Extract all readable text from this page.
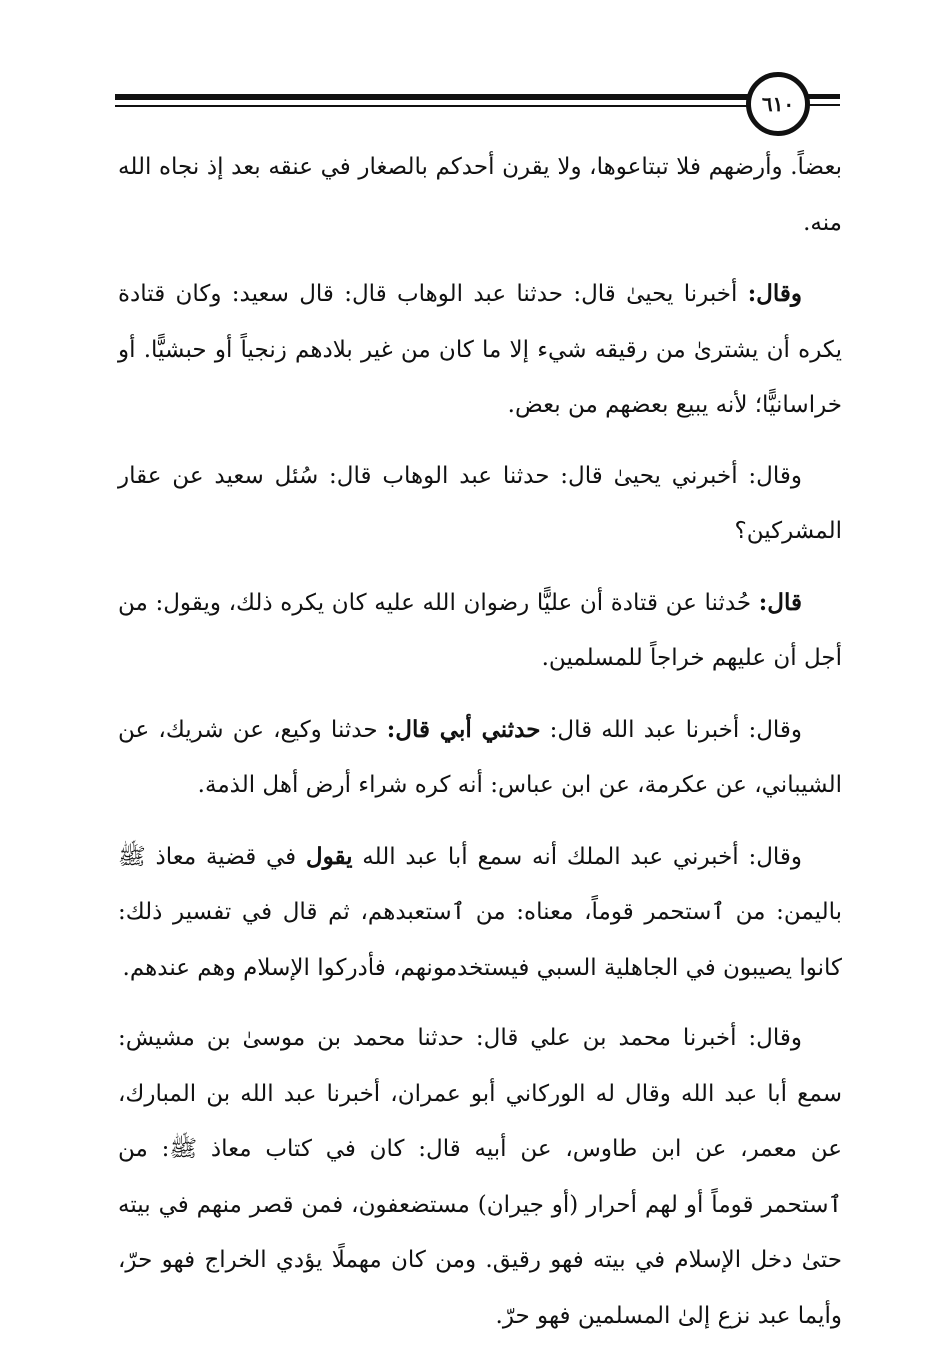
٦١٠

بعضاً. وأرضهم فلا تبتاعوها، ولا يقرن أحدكم بالصغار في عنقه بعد إذ نجاه الله منه.

وقال: أخبرنا يحيىٰ قال: حدثنا عبد الوهاب قال: قال سعيد: وكان قتادة يكره أن يشترىٰ من رقيقه شيء إلا ما كان من غير بلادهم زنجياً أو حبشيًّا. أو خراسانيًّا؛ لأنه يبيع بعضهم من بعض.

وقال: أخبرني يحيىٰ قال: حدثنا عبد الوهاب قال: سُئل سعيد عن عقار المشركين؟

قال: حُدثنا عن قتادة أن عليًّا رضوان الله عليه كان يكره ذلك، ويقول: من أجل أن عليهم خراجاً للمسلمين.

وقال: أخبرنا عبد الله قال: حدثني أبي قال: حدثنا وكيع، عن شريك، عن الشيباني، عن عكرمة، عن ابن عباس: أنه كره شراء أرض أهل الذمة.

وقال: أخبرني عبد الملك أنه سمع أبا عبد الله يقول في قضية معاذ ﷺ باليمن: من ٱستحمر قوماً، معناه: من ٱستعبدهم، ثم قال في تفسير ذلك: كانوا يصيبون في الجاهلية السبي فيستخدمونهم، فأدركوا الإسلام وهم عندهم.

وقال: أخبرنا محمد بن علي قال: حدثنا محمد بن موسىٰ بن مشيش: سمع أبا عبد الله وقال له الوركاني أبو عمران، أخبرنا عبد الله بن المبارك، عن معمر، عن ابن طاوس، عن أبيه قال: كان في كتاب معاذ ﷺ: من ٱستحمر قوماً أو لهم أحرار (أو جيران) مستضعفون، فمن قصر منهم في بيته حتىٰ دخل الإسلام في بيته فهو رقيق. ومن كان مهملًا يؤدي الخراج فهو حرّ، وأيما عبد نزع إلىٰ المسلمين فهو حرّ.
